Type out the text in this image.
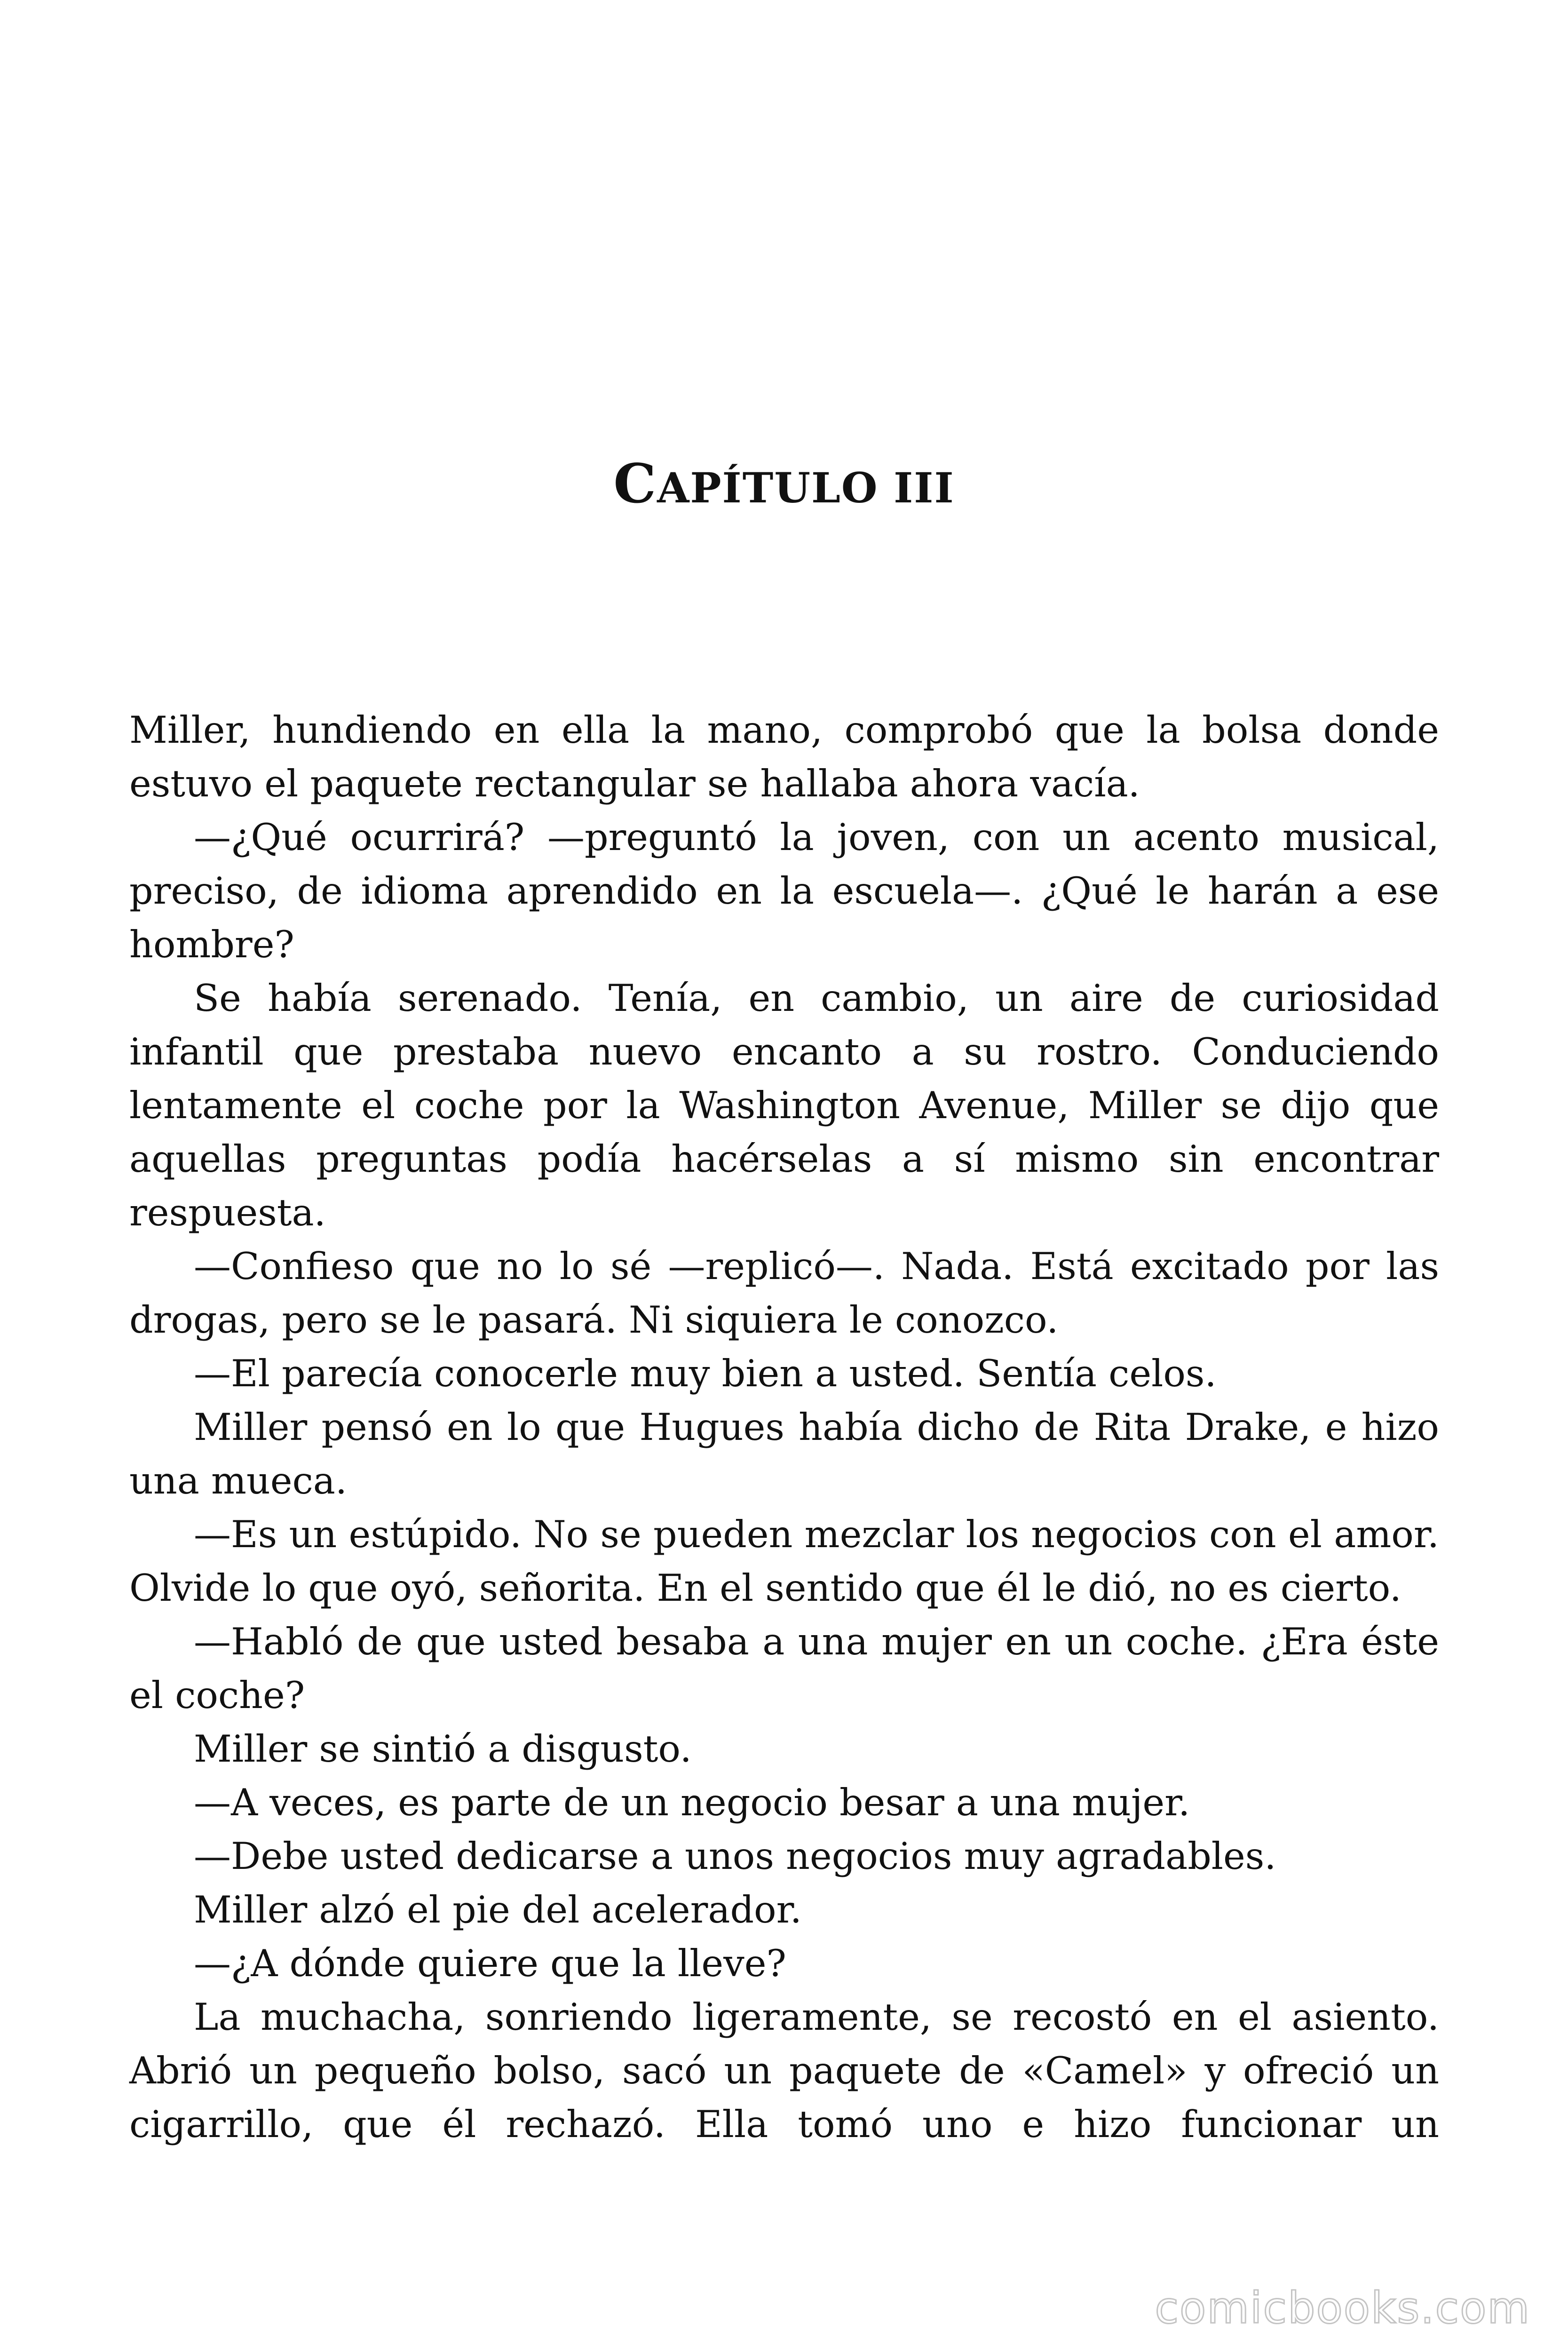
CAPÍTULO III

Miller, hundiendo en ella la mano, comprobó que la bolsa donde estuvo el paquete rectangular se hallaba ahora vacía.

—¿Qué ocurrirá? —preguntó la joven, con un acento musical, preciso, de idioma aprendido en la escuela—. ¿Qué le harán a ese hombre?

Se había serenado. Tenía, en cambio, un aire de curiosidad infantil que prestaba nuevo encanto a su rostro. Conduciendo lentamente el coche por la Washington Avenue, Miller se dijo que aquellas preguntas podía hacérselas a sí mismo sin encontrar respuesta.

—Confieso que no lo sé —replicó—. Nada. Está excitado por las drogas, pero se le pasará. Ni siquiera le conozco.

—El parecía conocerle muy bien a usted. Sentía celos.

Miller pensó en lo que Hugues había dicho de Rita Drake, e hizo una mueca.

—Es un estúpido. No se pueden mezclar los negocios con el amor. Olvide lo que oyó, señorita. En el sentido que él le dió, no es cierto.

—Habló de que usted besaba a una mujer en un coche. ¿Era éste el coche?

Miller se sintió a disgusto.

—A veces, es parte de un negocio besar a una mujer.

—Debe usted dedicarse a unos negocios muy agradables.

Miller alzó el pie del acelerador.

—¿A dónde quiere que la lleve?

La muchacha, sonriendo ligeramente, se recostó en el asiento. Abrió un pequeño bolso, sacó un paquete de «Camel» y ofreció un cigarrillo, que él rechazó. Ella tomó uno e hizo funcionar un

comicbooks.com
